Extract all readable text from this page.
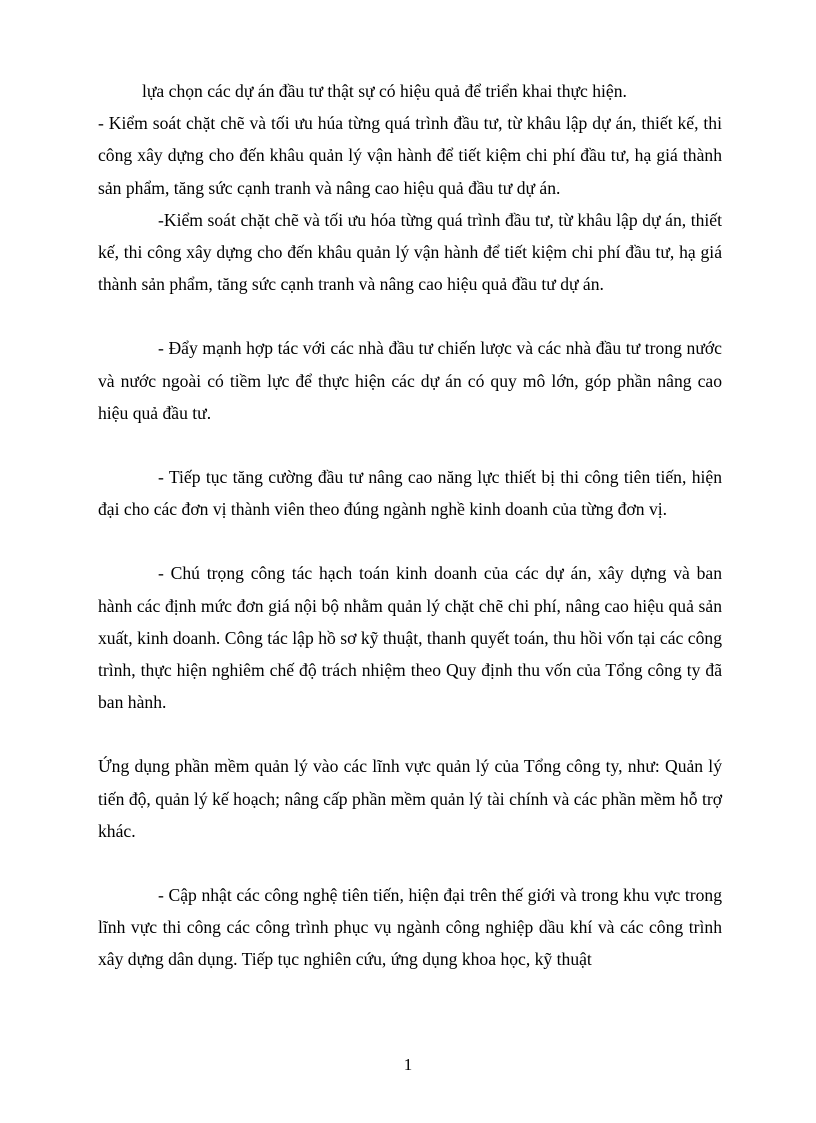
lựa chọn các dự án đầu tư thật sự có hiệu quả để triển khai thực hiện.

- Kiểm soát chặt chẽ và tối ưu húa từng quá trình đầu tư, từ khâu lập dự án, thiết kế, thi công xây dựng cho đến khâu quản lý vận hành để tiết kiệm chi phí đầu tư, hạ giá thành sản phẩm, tăng sức cạnh tranh và nâng cao hiệu quả đầu tư dự án.

-Kiểm soát chặt chẽ và tối ưu hóa từng quá trình đầu tư, từ khâu lập dự án, thiết kế, thi công xây dựng cho đến khâu quản lý vận hành để tiết kiệm chi phí đầu tư, hạ giá thành sản phẩm, tăng sức cạnh tranh và nâng cao hiệu quả đầu tư dự án.

- Đẩy mạnh hợp tác với các nhà đầu tư chiến lược và các nhà đầu tư trong nước và nước ngoài có tiềm lực để thực hiện các dự án có quy mô lớn, góp phần nâng cao hiệu quả đầu tư.

- Tiếp tục tăng cường đầu tư nâng cao năng lực thiết bị thi công tiên tiến, hiện đại cho các đơn vị thành viên theo đúng ngành nghề kinh doanh của từng đơn vị.

- Chú trọng công tác hạch toán kinh doanh của các dự án, xây dựng và ban hành các định mức đơn giá nội bộ nhằm quản lý chặt chẽ chi phí, nâng cao hiệu quả sản xuất, kinh doanh. Công tác lập hồ sơ kỹ thuật, thanh quyết toán, thu hồi vốn tại các công trình, thực hiện nghiêm chế độ trách nhiệm theo Quy định thu vốn của Tổng công ty đã ban hành.

Ứng dụng phần mềm quản lý vào các lĩnh vực quản lý của Tổng công ty, như: Quản lý tiến độ, quản lý kế hoạch; nâng cấp phần mềm quản lý tài chính và các phần mềm hỗ trợ khác.

- Cập nhật các công nghệ tiên tiến, hiện đại trên thế giới và trong khu vực trong lĩnh vực thi công các công trình phục vụ ngành công nghiệp dầu khí và các công trình xây dựng dân dụng. Tiếp tục nghiên cứu, ứng dụng khoa học, kỹ thuật

1
